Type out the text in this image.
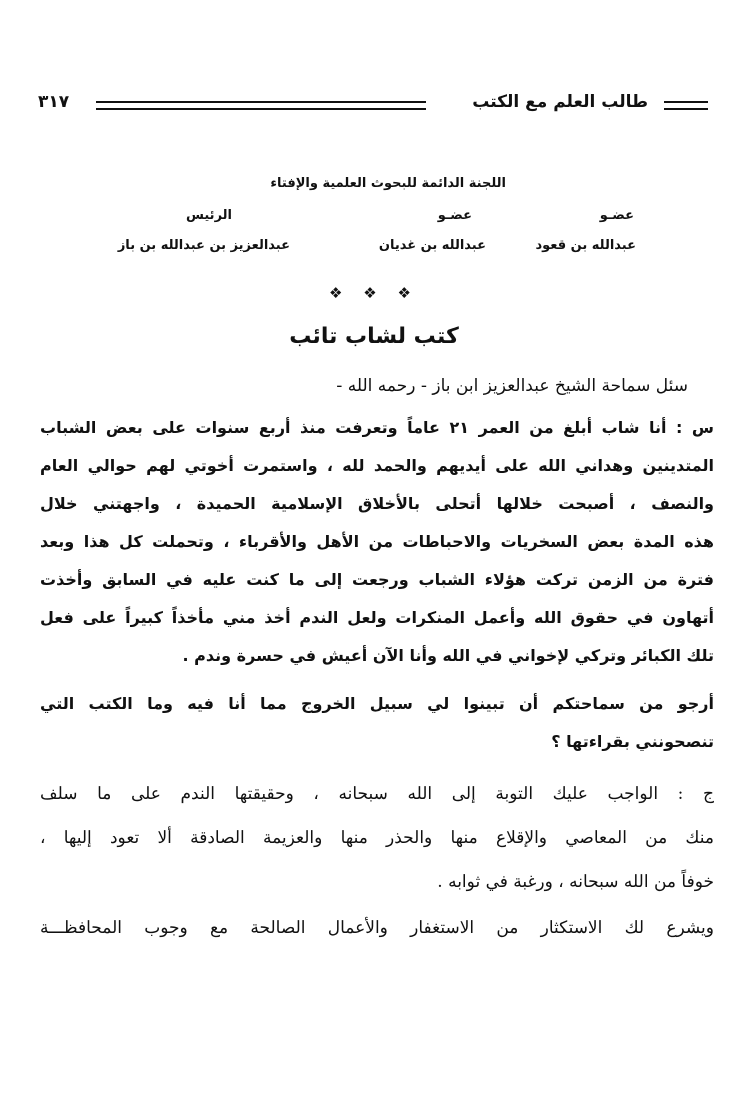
طالب العلم مع الكتب
٣١٧
اللجنة الدائمة للبحوث العلمية والإفتاء
عضـو
عضـو
الرئيس
عبدالله بن قعود
عبدالله بن غديان
عبدالعزيز بن عبدالله بن باز
❖ ❖ ❖
كتب لشاب تائب
سئل سماحة الشيخ عبدالعزيز ابن باز - رحمه الله -
س : أنا شاب أبلغ من العمر ٢١ عاماً وتعرفت منذ أربع سنوات على بعض الشباب
المتدينين وهداني الله على أيديهم والحمد لله ، واستمرت أخوتي لهم حوالي العام
والنصف ، أصبحت خلالها أتحلى بالأخلاق الإسلامية الحميدة ، واجهتني خلال
هذه المدة بعض السخريات والاحباطات من الأهل والأقرباء ، وتحملت كل هذا وبعد
فترة من الزمن تركت هؤلاء الشباب ورجعت إلى ما كنت عليه في السابق وأخذت
أتهاون في حقوق الله وأعمل المنكرات ولعل الندم أخذ مني مأخذاً كبيراً على فعل
تلك الكبائر وتركي لإخواني في الله وأنا الآن أعيش في حسرة وندم .
أرجو من سماحتكم أن تبينوا لي سبيل الخروج مما أنا فيه وما الكتب التي
تنصحونني بقراءتها ؟
ج : الواجب عليك التوبة إلى الله سبحانه ، وحقيقتها الندم على ما سلف
منك من المعاصي والإقلاع منها والحذر منها والعزيمة الصادقة ألا تعود إليها ،
خوفاً من الله سبحانه ، ورغبة في ثوابه .
ويشرع لك الاستكثار من الاستغفار والأعمال الصالحة مع وجوب المحافظـــة
